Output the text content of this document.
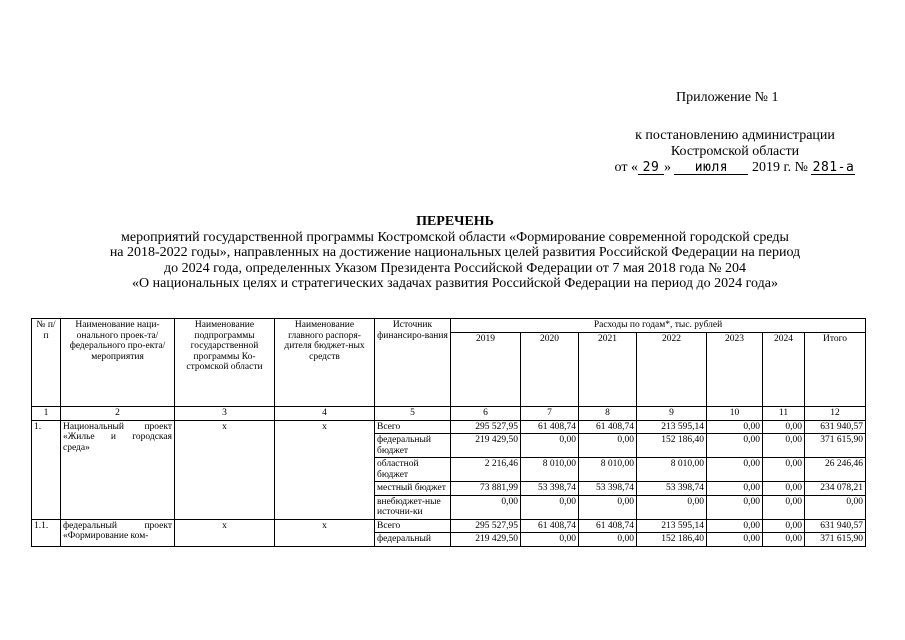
Приложение № 1
к постановлению администрации
Костромской области
от « 29 » июля 2019 г. № 281-а
ПЕРЕЧЕНЬ
мероприятий государственной программы Костромской области «Формирование современной городской среды
на 2018-2022 годы», направленных на достижение национальных целей развития Российской Федерации на период
до 2024 года, определенных Указом Президента Российской Федерации от 7 мая 2018 года № 204
«О национальных целях и стратегических задачах развития Российской Федерации на период до 2024 года»
№ п/п	Наименование наци-онального проек-та/федерального про-екта/мероприятия	Наименование подпрограммы государственной программы Ко-стромской области	Наименование главного распоря-дителя бюджет-ных средств	Источник финансиро-вания	Расходы по годам*, тыс. рублей						
					2019	2020	2021	2022	2023	2024	Итого
1	2	3	4	5	6	7	8	9	10	11	12
1.	Национальный проект «Жилье и городская среда»	x	x	Всего	295 527,95	61 408,74	61 408,74	213 595,14	0,00	0,00	631 940,57
				федеральный бюджет	219 429,50	0,00	0,00	152 186,40	0,00	0,00	371 615,90
				областной бюджет	2 216,46	8 010,00	8 010,00	8 010,00	0,00	0,00	26 246,46
				местный бюджет	73 881,99	53 398,74	53 398,74	53 398,74	0,00	0,00	234 078,21
				внебюджет-ные источни-ки	0,00	0,00	0,00	0,00	0,00	0,00	0,00
1.1.	федеральный проект «Формирование ком-	x	x	Всего	295 527,95	61 408,74	61 408,74	213 595,14	0,00	0,00	631 940,57
				федеральный	219 429,50	0,00	0,00	152 186,40	0,00	0,00	371 615,90
